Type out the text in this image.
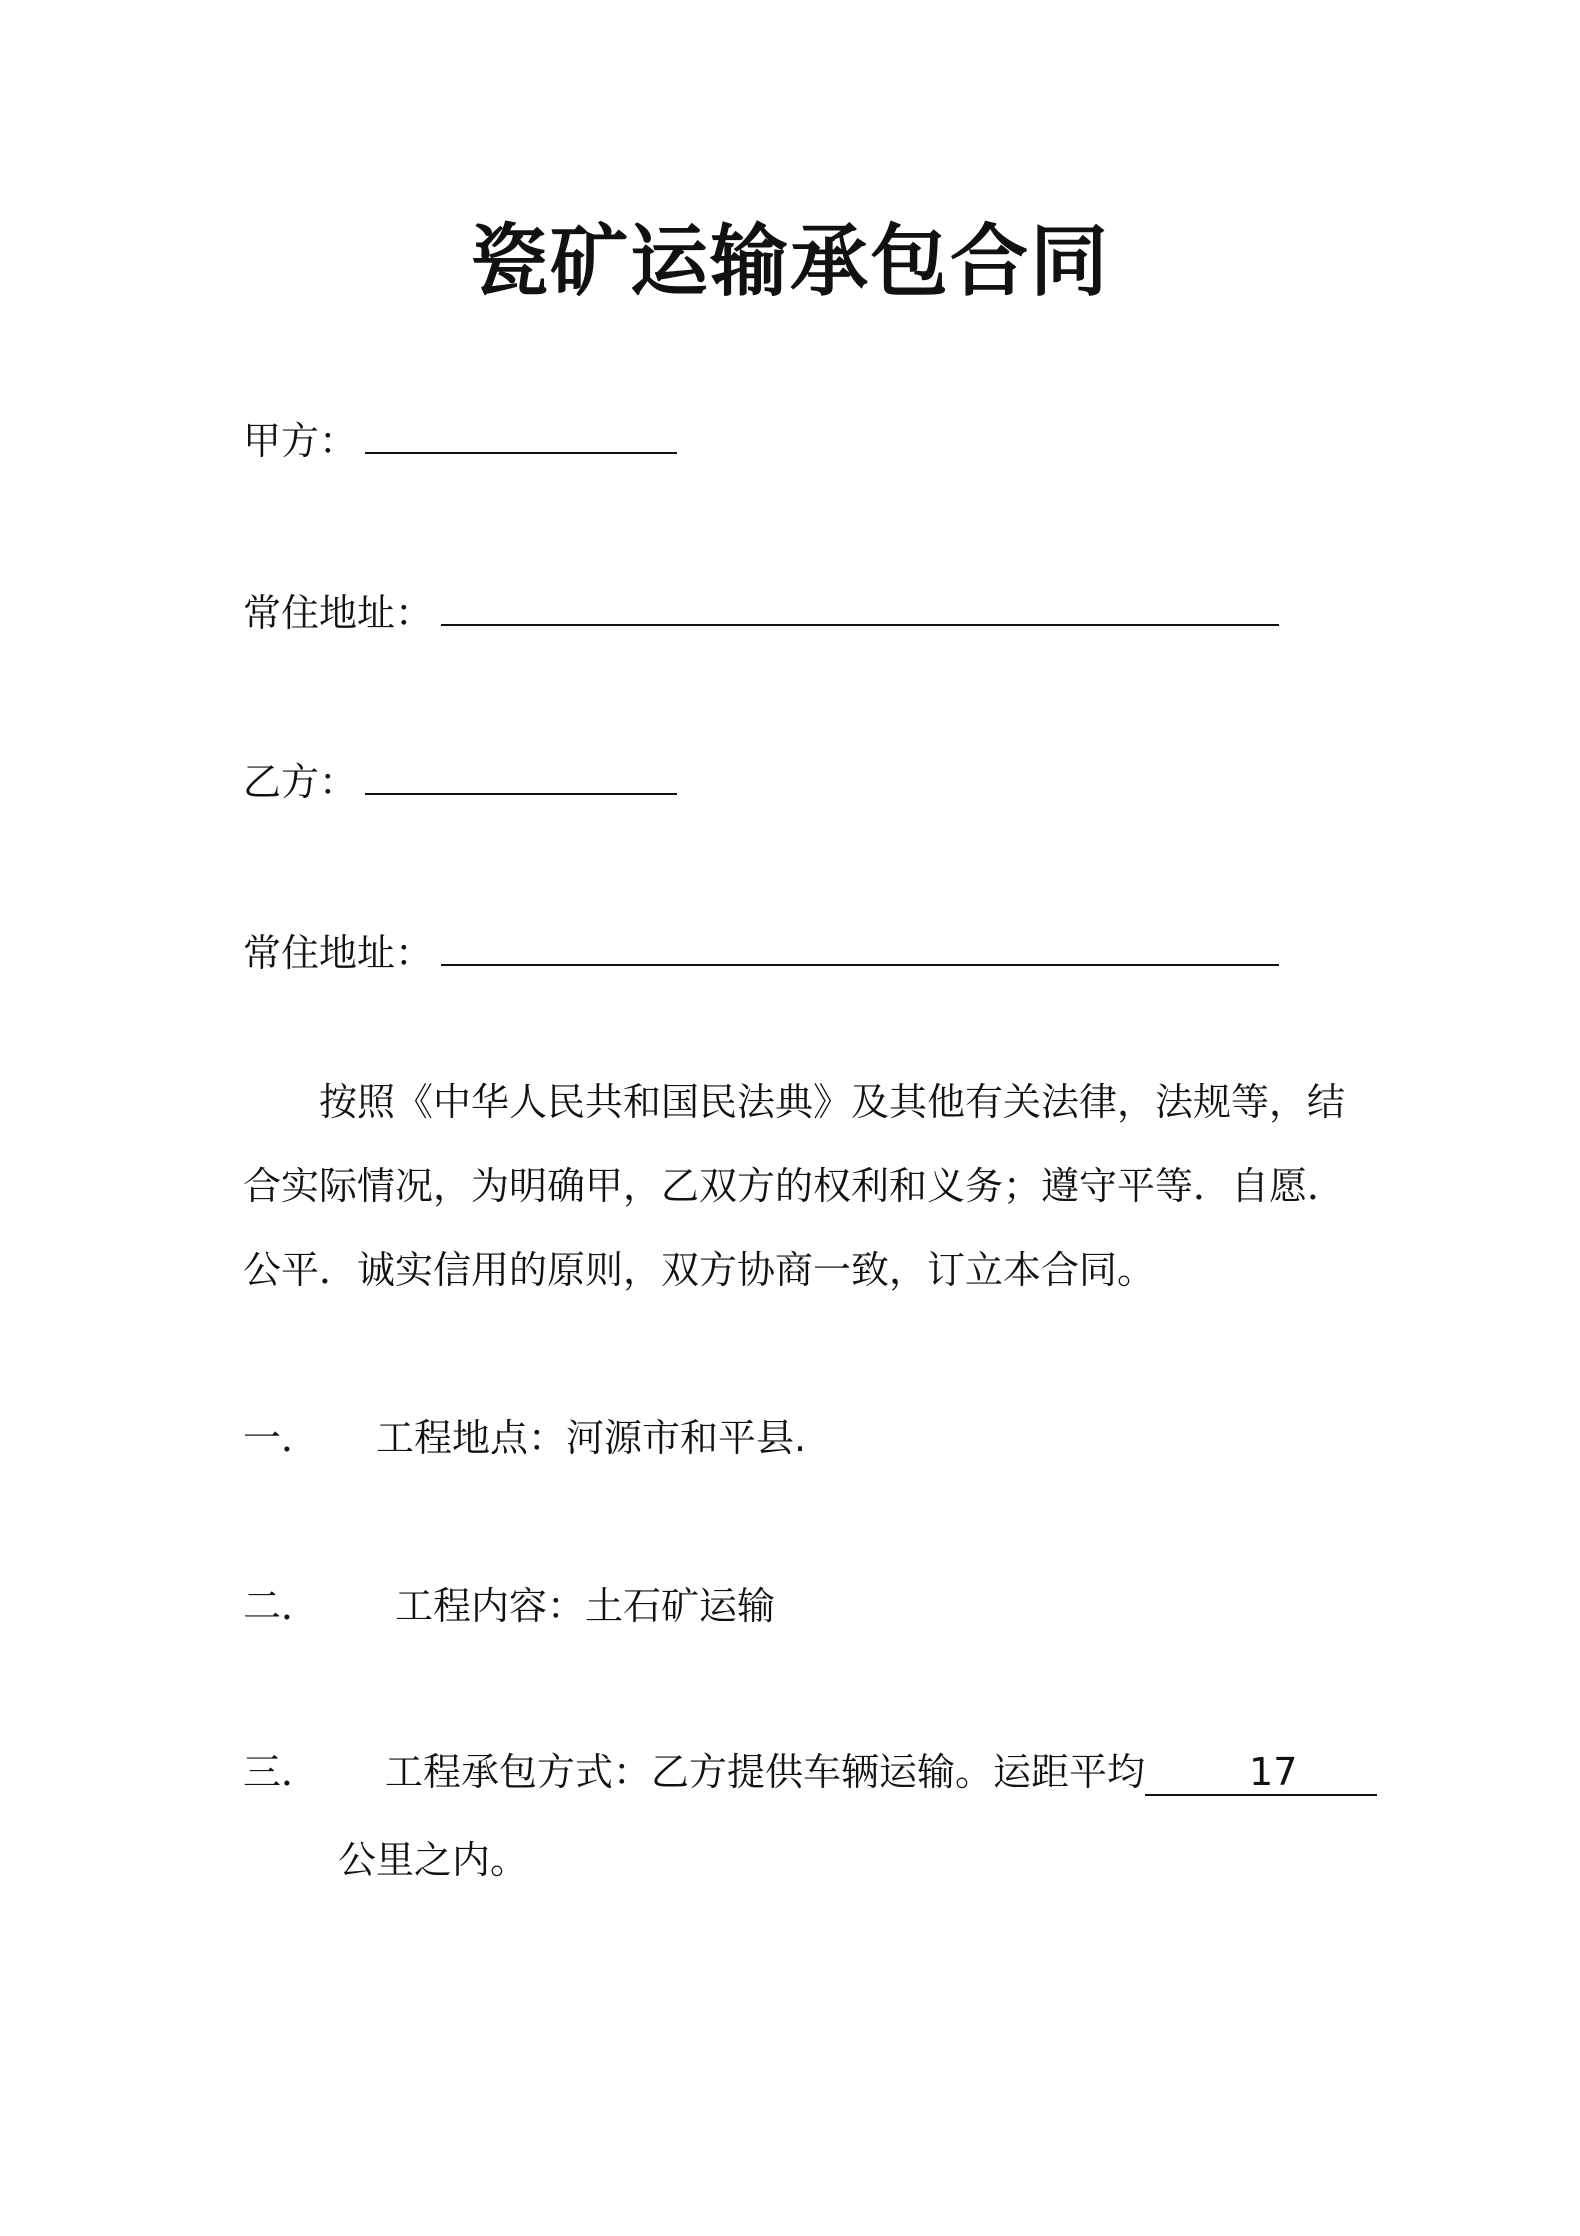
瓷矿运输承包合同
甲方：
常住地址：
乙方：
常住地址：

按照《中华人民共和国民法典》及其他有关法律，法规等，结合实际情况，为明确甲，乙双方的权利和义务；遵守平等．自愿．公平．诚实信用的原则，双方协商一致，订立本合同。

一． 工程地点：河源市和平县.
二． 工程内容：土石矿运输
三． 工程承包方式：乙方提供车辆运输。运距平均	17
公里之内。
